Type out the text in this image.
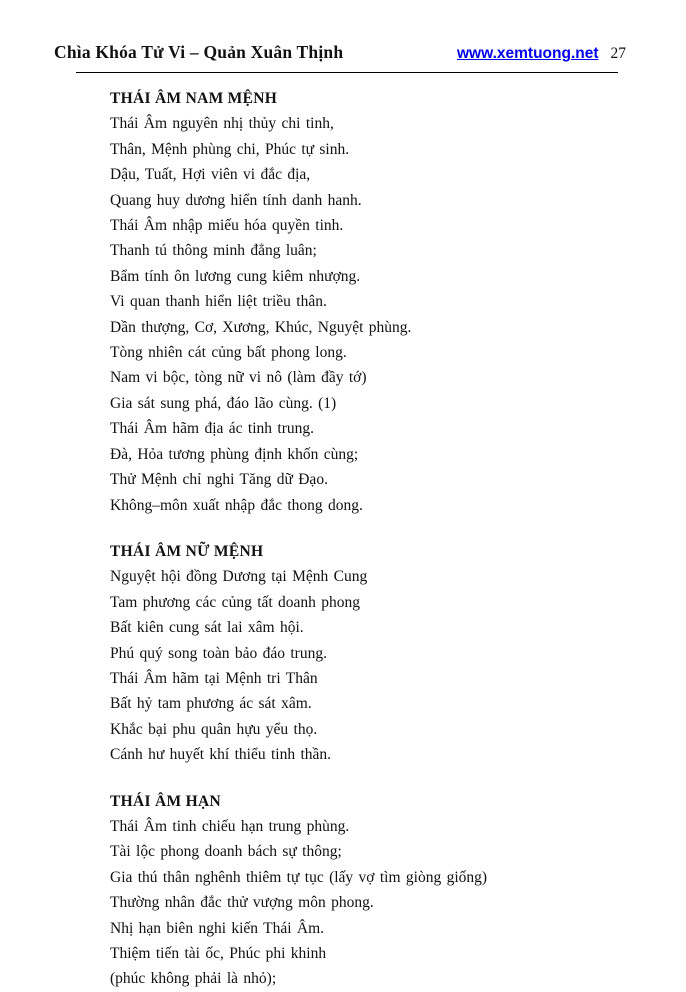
Chìa Khóa Tử Vi – Quản Xuân Thịnh	www.xemtuong.net 27
THÁI ÂM NAM MỆNH

Thái Âm nguyên nhị thủy chi tinh,

Thân, Mệnh phùng chi, Phúc tự sinh.

Dậu, Tuất, Hợi viên vi đắc địa,

Quang huy dương hiển tính danh hanh.

Thái Âm nhập miếu hóa quyền tinh.

Thanh tú thông minh đẳng luân;

Bẩm tính ôn lương cung kiêm nhượng.

Vi quan thanh hiển liệt triều thân.

Dần thượng, Cơ, Xương, Khúc, Nguyệt phùng.

Tòng nhiên cát củng bất phong long.

Nam vi bộc, tòng nữ vi nô (làm đầy tớ)

Gia sát sung phá, đáo lão cùng. (1)

Thái Âm hãm địa ác tinh trung.

Đà, Hỏa tương phùng định khốn cùng;

Thử Mệnh chỉ nghi Tăng dữ Đạo.

Không–môn xuất nhập đắc thong dong.

THÁI ÂM NỮ MỆNH

Nguyệt hội đồng Dương tại Mệnh Cung

Tam phương các củng tất doanh phong

Bất kiên cung sát lai xâm hội.

Phú quý song toàn bảo đáo trung.

Thái Âm hãm tại Mệnh tri Thân

Bất hỷ tam phương ác sát xâm.

Khắc bại phu quân hựu yểu thọ.

Cánh hư huyết khí thiểu tinh thần.

THÁI ÂM HẠN

Thái Âm tinh chiếu hạn trung phùng.

Tài lộc phong doanh bách sự thông;

Gia thú thân nghênh thiêm tự tục (lấy vợ tìm giòng giống)

Thường nhân đắc thử vượng môn phong.

Nhị hạn biên nghi kiến Thái Âm.

Thiệm tiến tài ốc, Phúc phi khinh

(phúc không phải là nhỏ);
